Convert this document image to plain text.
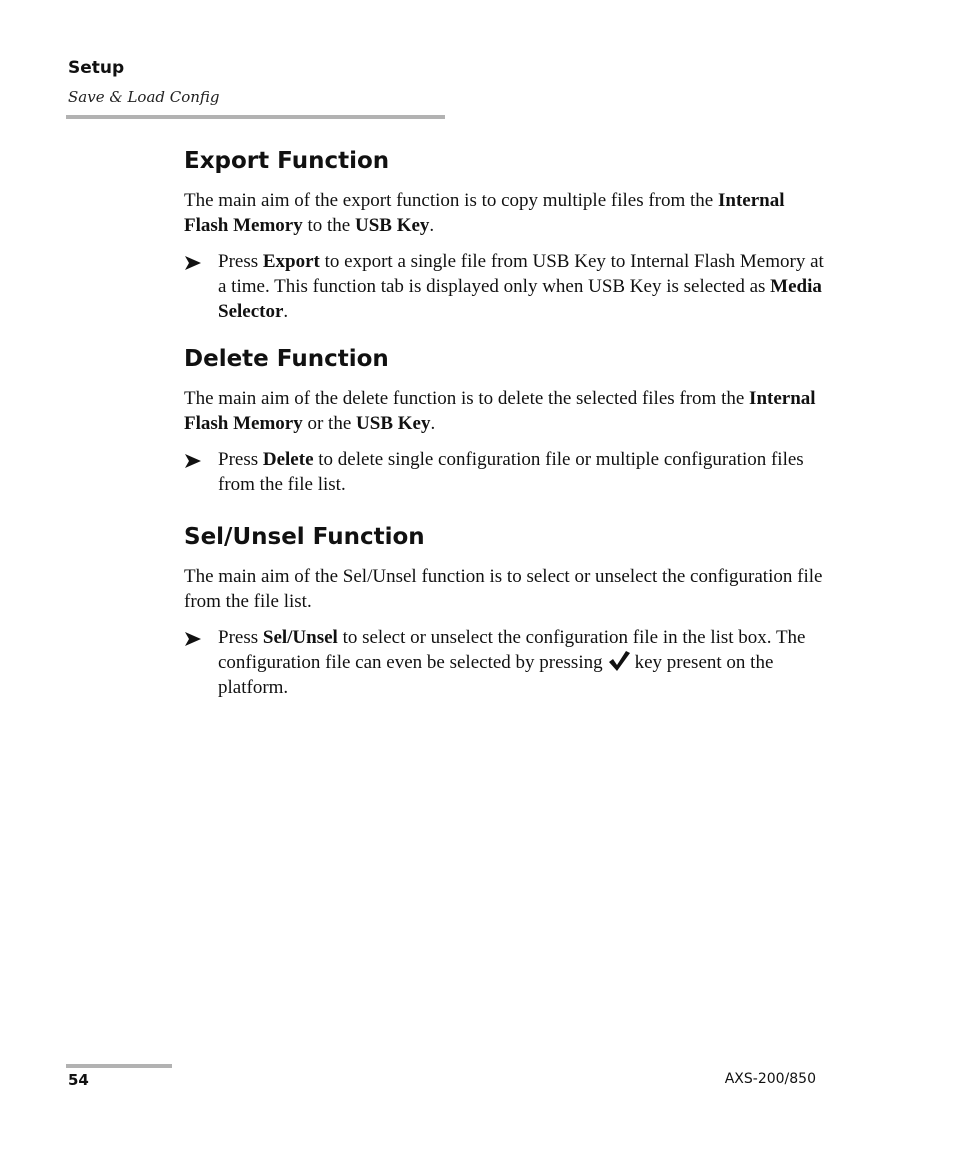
Setup
Save & Load Config
Export Function

The main aim of the export function is to copy multiple files from the Internal Flash Memory to the USB Key.

Press Export to export a single file from USB Key to Internal Flash Memory at a time. This function tab is displayed only when USB Key is selected as Media Selector.
Delete Function

The main aim of the delete function is to delete the selected files from the Internal Flash Memory or the USB Key.

Press Delete to delete single configuration file or multiple configuration files from the file list.
Sel/Unsel Function

The main aim of the Sel/Unsel function is to select or unselect the configuration file from the file list.

Press Sel/Unsel to select or unselect the configuration file in the list box. The configuration file can even be selected by pressing key present on the platform.
54	AXS-200/850
